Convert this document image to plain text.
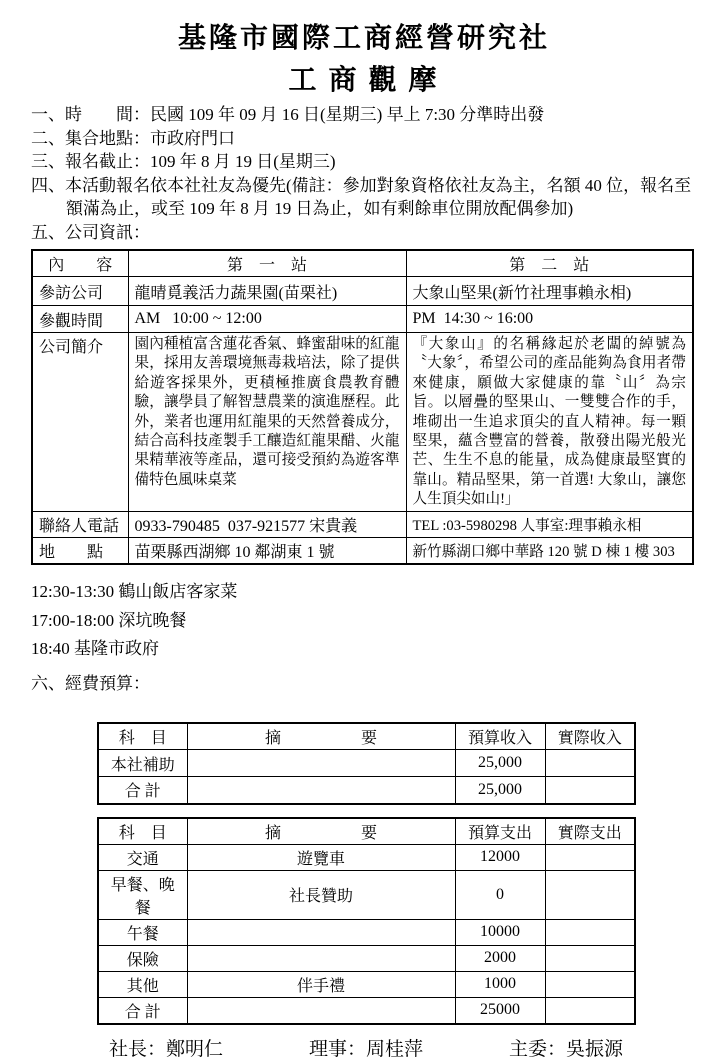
基隆市國際工商經營研究社
工商觀摩
一、時　　間：民國 109 年 09 月 16 日(星期三) 早上 7:30 分準時出發
二、集合地點：市政府門口
三、報名截止：109 年 8 月 19 日(星期三)
四、本活動報名依本社社友為優先(備註：參加對象資格依社友為主，名額 40 位，報名至額滿為止，或至 109 年 8 月 19 日為止，如有剩餘車位開放配偶參加)
五、公司資訊：
內　　容	第　一　站	第　二　站
參訪公司	龍晴覓義活力蔬果園(苗栗社)	大象山堅果(新竹社理事賴永相)
參觀時間	AM   10:00 ~ 12:00	PM  14:30 ~ 16:00
公司簡介	園內種植富含蓮花香氣、蜂蜜甜味的紅龍果，採用友善環境無毒栽培法，除了提供給遊客採果外，更積極推廣食農教育體驗，讓學員了解智慧農業的演進歷程。此外，業者也運用紅龍果的天然營養成分，結合高科技產製手工釀造紅龍果醋、火龍果精華液等產品，還可接受預約為遊客準備特色風味桌菜	『大象山』的名稱緣起於老闆的綽號為〝大象〞，希望公司的產品能夠為食用者帶來健康，願做大家健康的靠〝山〞為宗旨。以層疊的堅果山、一雙雙合作的手，堆砌出一生追求頂尖的直人精神。每一顆堅果，蘊含豐富的營養，散發出陽光般光芒、生生不息的能量，成為健康最堅實的靠山。精品堅果，第一首選! 大象山，讓您人生頂尖如山!」
聯絡人電話	0933-790485  037-921577 宋貴義	TEL :03-5980298 人事室:理事賴永相
地　　點	苗栗縣西湖鄉 10 鄰湖東 1 號	新竹縣湖口鄉中華路 120 號 D 棟 1 樓 303
12:30-13:30 鶴山飯店客家菜
17:00-18:00 深坑晚餐
18:40 基隆市政府
六、經費預算：
科　目	摘　　　　　要	預算收入	實際收入
本社補助		25,000	
合 計		25,000	
科　目	摘　　　　　要	預算支出	實際支出
交通	遊覽車	12000	
早餐、晚餐	社長贊助	0	
午餐		10000	
保險		2000	
其他	伴手禮	1000	
合 計		25000	
社長：鄭明仁	理事：周桂萍	主委：吳振源
